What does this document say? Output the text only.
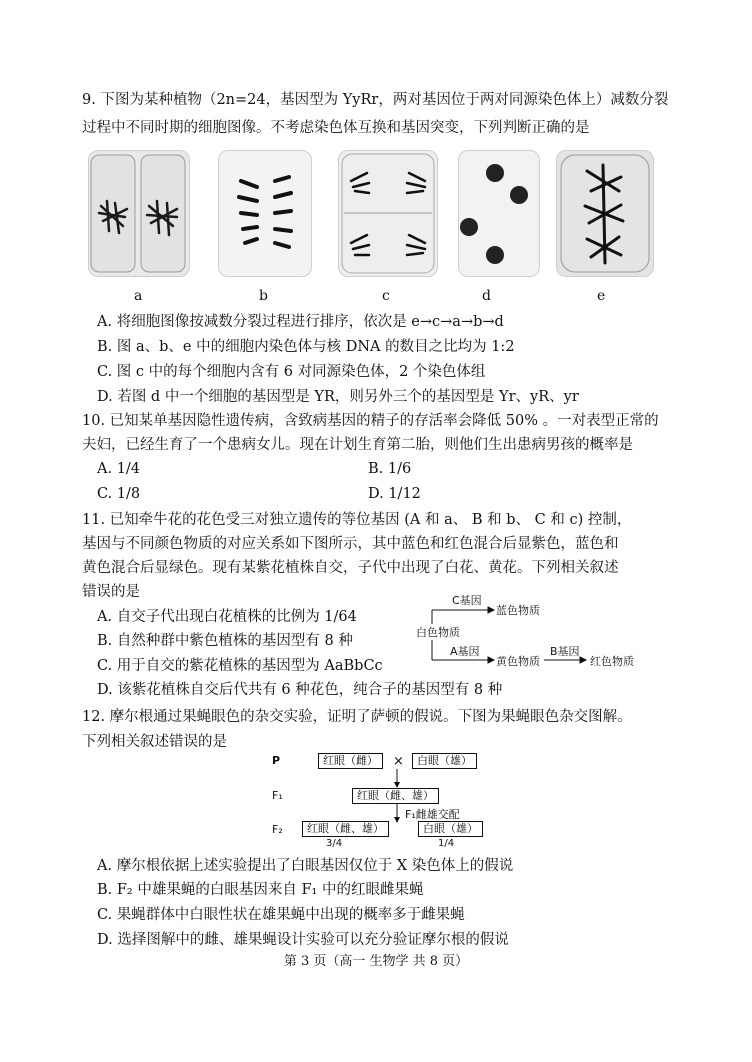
9. 下图为某种植物（2n=24，基因型为 YyRr，两对基因位于两对同源染色体上）减数分裂
过程中不同时期的细胞图像。不考虑染色体互换和基因突变，下列判断正确的是
a	b	c	d	e
A. 将细胞图像按减数分裂过程进行排序，依次是 e→c→a→b→d
B. 图 a、b、e 中的细胞内染色体与核 DNA 的数目之比均为 1:2
C. 图 c 中的每个细胞内含有 6 对同源染色体，2 个染色体组
D. 若图 d 中一个细胞的基因型是 YR，则另外三个的基因型是 Yr、yR、yr
10. 已知某单基因隐性遗传病，含致病基因的精子的存活率会降低 50% 。一对表型正常的
夫妇，已经生育了一个患病女儿。现在计划生育第二胎，则他们生出患病男孩的概率是
A. 1/4	B. 1/6
C. 1/8	D. 1/12
11. 已知牵牛花的花色受三对独立遗传的等位基因 (A 和 a、 B 和 b、 C 和 c) 控制，
基因与不同颜色物质的对应关系如下图所示，其中蓝色和红色混合后显紫色，蓝色和
黄色混合后显绿色。现有某紫花植株自交，子代中出现了白花、黄花。下列相关叙述
错误的是
A. 自交子代出现白花植株的比例为 1/64
B. 自然种群中紫色植株的基因型有 8 种
C. 用于自交的紫花植株的基因型为 AaBbCc
D. 该紫花植株自交后代共有 6 种花色，纯合子的基因型有 8 种
C基因
蓝色物质
白色物质
A基因
黄色物质
B基因
红色物质
12. 摩尔根通过果蝇眼色的杂交实验，证明了萨顿的假说。下图为果蝇眼色杂交图解。
下列相关叙述错误的是
P	红眼（雌）	×	白眼（雄）
F₁	红眼（雌、雄）
F₁雌雄交配
F₂	红眼（雌、雄）	白眼（雄）
3/4	1/4
A. 摩尔根依据上述实验提出了白眼基因仅位于 X 染色体上的假说
B. F₂ 中雄果蝇的白眼基因来自 F₁ 中的红眼雌果蝇
C. 果蝇群体中白眼性状在雄果蝇中出现的概率多于雌果蝇
D. 选择图解中的雌、雄果蝇设计实验可以充分验证摩尔根的假说
第 3 页（高一 生物学 共 8 页）
